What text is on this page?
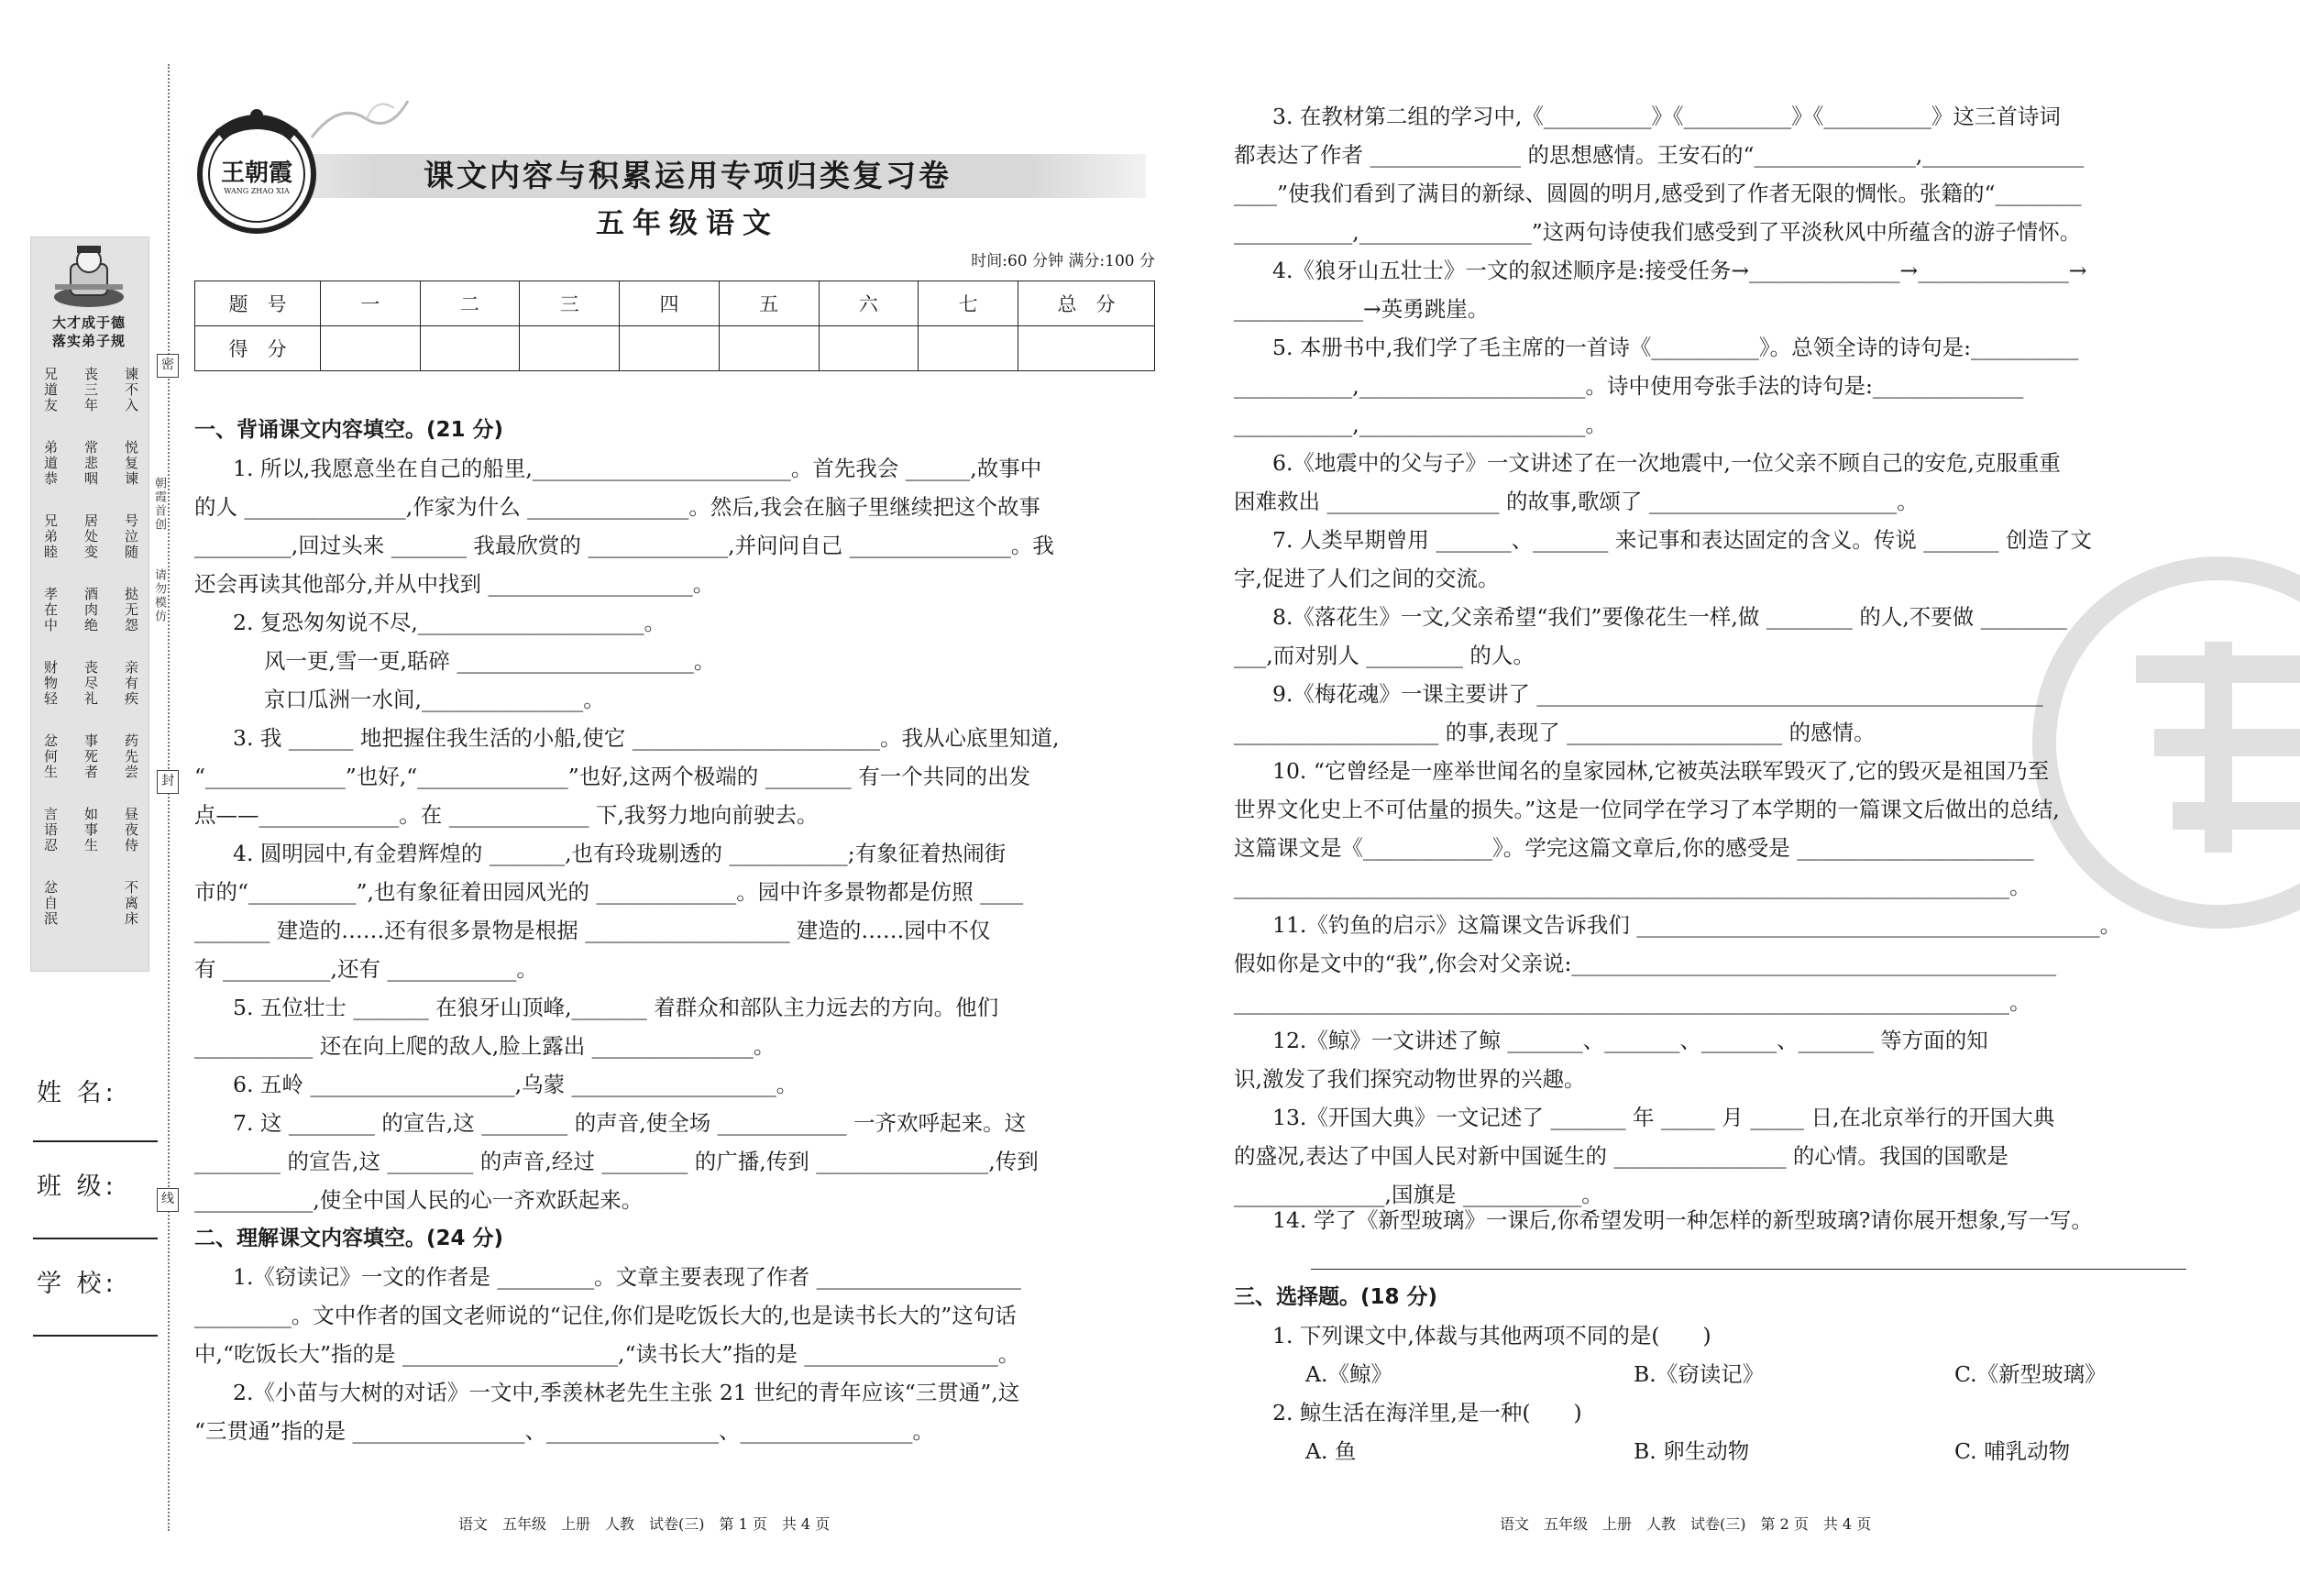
大才成于德
落实弟子规
谏不入
丧三年
兄道友
悦复谏
常悲咽
弟道恭
号泣随
居处变
兄弟睦
挞无怨
酒肉绝
孝在中
亲有疾
丧尽礼
财物轻
药先尝
事死者
忿何生
昼夜侍
如事生
言语忍
不离床
忿自泯
姓 名:
班 级:
学 校:
密
朝霞首创
请勿模仿
封
线
王朝霞
WANG ZHAO XIA	课文内容与积累运用专项归类复习卷
五年级语文
时间:60 分钟 满分:100 分
题　号	一	二	三	四	五	六	七	总　分
得　分								
一、背诵课文内容填空。(21 分)
1. 所以,我愿意坐在自己的船里,________________________。首先我会 ______,故事中
的人 _______________,作家为什么 _______________。然后,我会在脑子里继续把这个故事
_________,回过头来 _______ 我最欣赏的 _____________,并问问自己 _______________。我
还会再读其他部分,并从中找到 ___________________。
2. 复恐匆匆说不尽,_____________________。
风一更,雪一更,聒碎 ______________________。
京口瓜洲一水间,_______________。
3. 我 ______ 地把握住我生活的小船,使它 _______________________。我从心底里知道,
“_____________”也好,“______________”也好,这两个极端的 ________ 有一个共同的出发
点——_____________。在 _____________ 下,我努力地向前驶去。
4. 圆明园中,有金碧辉煌的 _______,也有玲珑剔透的 ___________;有象征着热闹街
市的“__________”,也有象征着田园风光的 _____________。园中许多景物都是仿照 ____
_______ 建造的……还有很多景物是根据 ___________________ 建造的……园中不仅
有 __________,还有 ____________。
5. 五位壮士 _______ 在狼牙山顶峰,_______ 着群众和部队主力远去的方向。他们
___________ 还在向上爬的敌人,脸上露出 _______________。
6. 五岭 ___________________,乌蒙 ___________________。
7. 这 ________ 的宣告,这 ________ 的声音,使全场 ____________ 一齐欢呼起来。这
________ 的宣告,这 ________ 的声音,经过 ________ 的广播,传到 ________________,传到
___________,使全中国人民的心一齐欢跃起来。
二、理解课文内容填空。(24 分)
1.《窃读记》一文的作者是 _________。文章主要表现了作者 ___________________
_________。文中作者的国文老师说的“记住,你们是吃饭长大的,也是读书长大的”这句话
中,“吃饭长大”指的是 ____________________,“读书长大”指的是 __________________。
2.《小苗与大树的对话》一文中,季羡林老先生主张 21 世纪的青年应该“三贯通”,这
“三贯通”指的是 ________________、________________、________________。
语文　五年级　上册　人教　试卷(三)　第 1 页　共 4 页
3. 在教材第二组的学习中,《__________》《__________》《__________》这三首诗词
都表达了作者 ______________ 的思想感情。王安石的“_______________,_______________
____”使我们看到了满目的新绿、圆圆的明月,感受到了作者无限的惆怅。张籍的“________
___________,________________”这两句诗使我们感受到了平淡秋风中所蕴含的游子情怀。
4.《狼牙山五壮士》一文的叙述顺序是:接受任务→______________→______________→
____________→英勇跳崖。
5. 本册书中,我们学了毛主席的一首诗《__________》。总领全诗的诗句是:__________
___________,_____________________。诗中使用夸张手法的诗句是:______________
___________,_____________________。
6.《地震中的父与子》一文讲述了在一次地震中,一位父亲不顾自己的安危,克服重重
困难救出 ________________ 的故事,歌颂了 _______________________。
7. 人类早期曾用 _______、_______ 来记事和表达固定的含义。传说 _______ 创造了文
字,促进了人们之间的交流。
8.《落花生》一文,父亲希望“我们”要像花生一样,做 ________ 的人,不要做 ________
___,而对别人 _________ 的人。
9.《梅花魂》一课主要讲了 _______________________________________________
___________________ 的事,表现了 ____________________ 的感情。
10. “它曾经是一座举世闻名的皇家园林,它被英法联军毁灭了,它的毁灭是祖国乃至
世界文化史上不可估量的损失。”这是一位同学在学习了本学期的一篇课文后做出的总结,
这篇课文是《____________》。学完这篇文章后,你的感受是 ______________________
________________________________________________________________________。
11.《钓鱼的启示》这篇课文告诉我们 ___________________________________________。
假如你是文中的“我”,你会对父亲说:_____________________________________________
________________________________________________________________________。
12.《鲸》一文讲述了鲸 _______、_______、_______、_______ 等方面的知
识,激发了我们探究动物世界的兴趣。
13.《开国大典》一文记述了 _______ 年 _____ 月 _____ 日,在北京举行的开国大典
的盛况,表达了中国人民对新中国诞生的 ________________ 的心情。我国的国歌是
______________,国旗是 ___________。
14. 学了《新型玻璃》一课后,你希望发明一种怎样的新型玻璃?请你展开想象,写一写。
三、选择题。(18 分)
1. 下列课文中,体裁与其他两项不同的是(　　)
A.《鲸》	B.《窃读记》	C.《新型玻璃》
2. 鲸生活在海洋里,是一种(　　)
A. 鱼	B. 卵生动物	C. 哺乳动物
语文　五年级　上册　人教　试卷(三)　第 2 页　共 4 页
